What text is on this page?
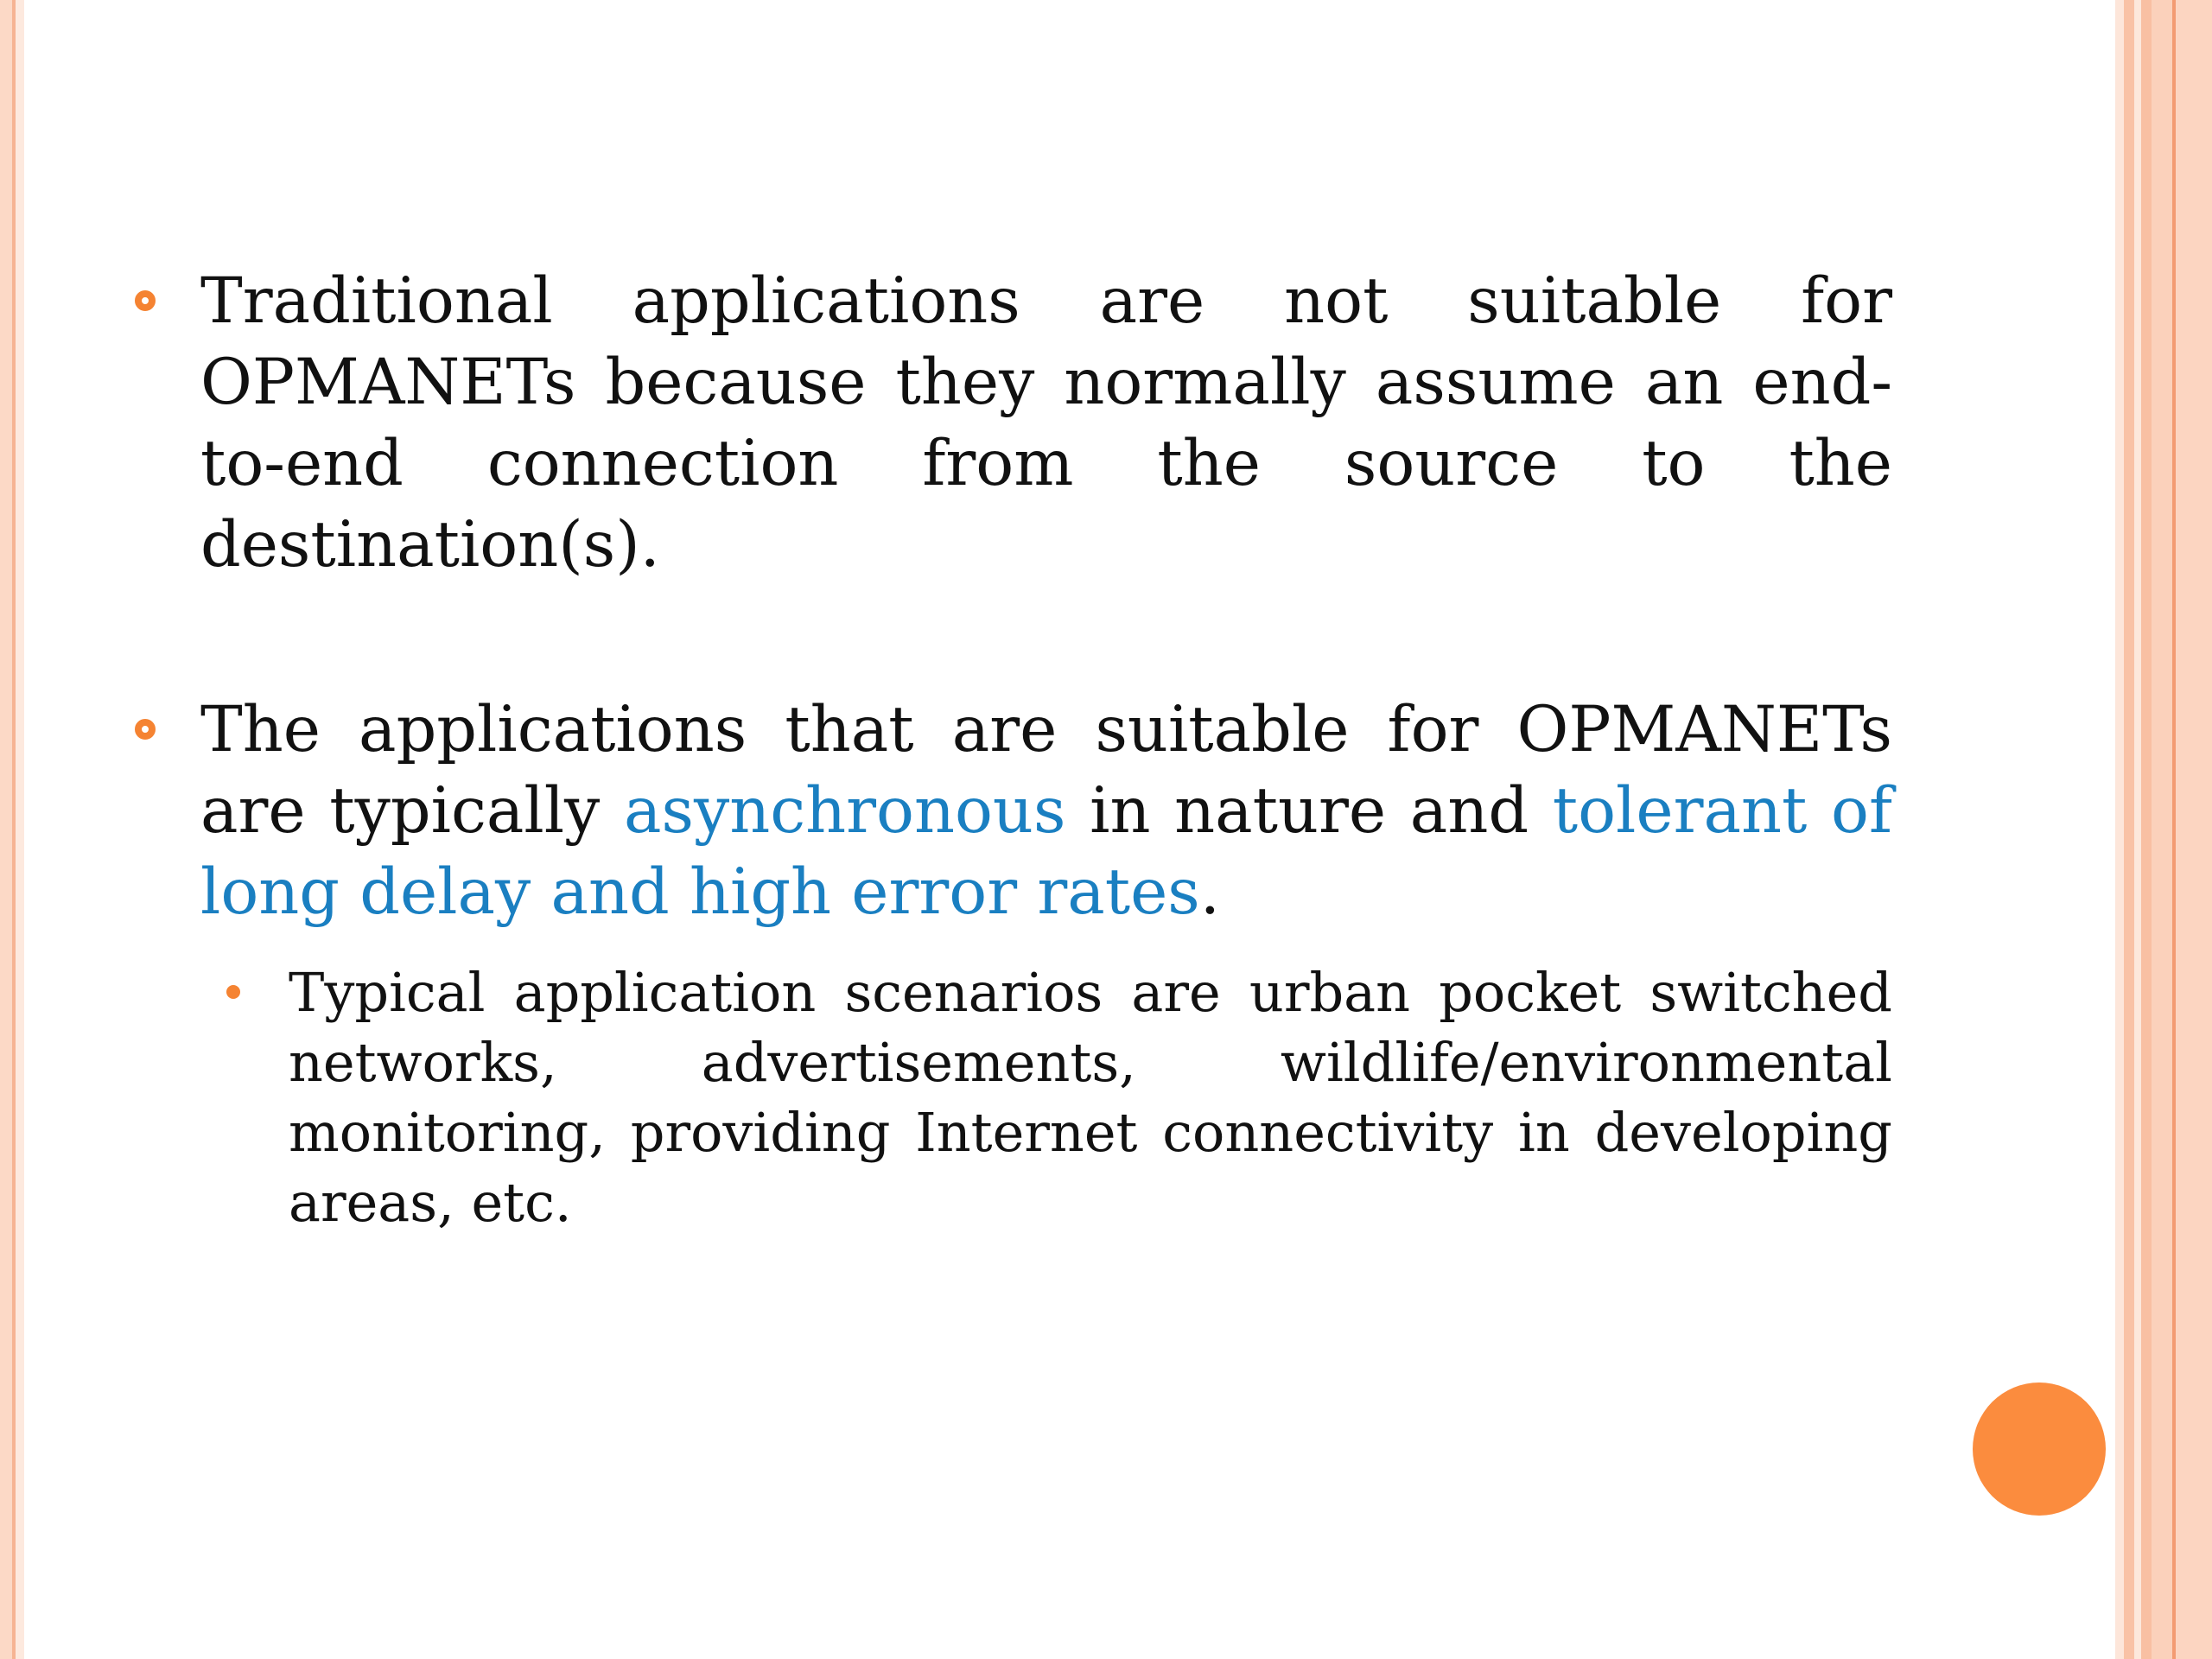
Traditional applications are not suitable for OPMANETs because they normally assume an end-to-end connection from the source to the destination(s).
The applications that are suitable for OPMANETs are typically asynchronous in nature and tolerant of long delay and high error rates.
Typical application scenarios are urban pocket switched networks, advertisements, wildlife/environmental monitoring, providing Internet connectivity in developing areas, etc.
